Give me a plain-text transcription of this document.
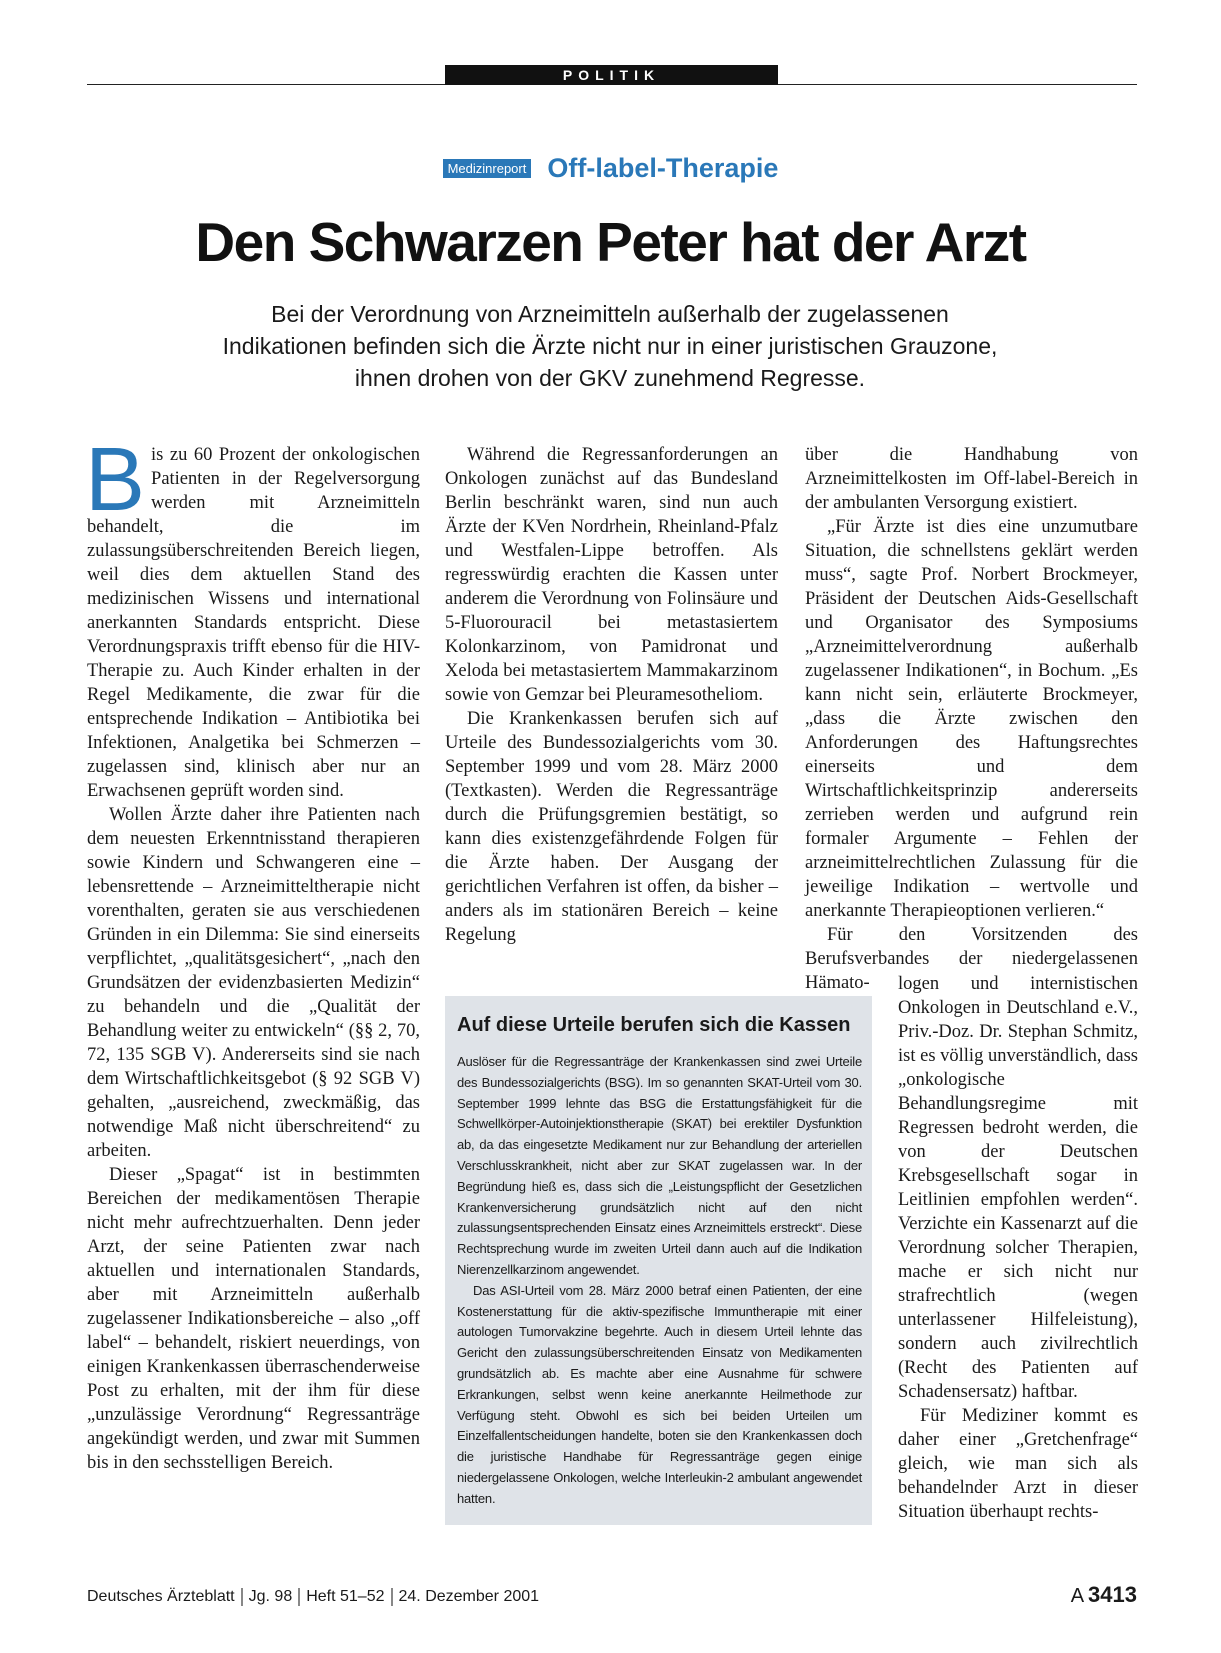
POLITIK
Medizinreport Off-label-Therapie
Den Schwarzen Peter hat der Arzt
Bei der Verordnung von Arzneimitteln außerhalb der zugelassenen
Indikationen befinden sich die Ärzte nicht nur in einer juristischen Grauzone,
ihnen drohen von der GKV zunehmend Regresse.

Bis zu 60 Prozent der onkologischen Patienten in der Regelversorgung werden mit Arzneimitteln behandelt, die im zulassungsüberschreitenden Bereich liegen, weil dies dem aktuellen Stand des medizinischen Wissens und international anerkannten Standards entspricht. Diese Verordnungspraxis trifft ebenso für die HIV-Therapie zu. Auch Kinder erhalten in der Regel Medikamente, die zwar für die entsprechende Indikation – Antibiotika bei Infektionen, Analgetika bei Schmerzen – zugelassen sind, klinisch aber nur an Erwachsenen geprüft worden sind.

Wollen Ärzte daher ihre Patienten nach dem neuesten Erkenntnisstand therapieren sowie Kindern und Schwangeren eine – lebensrettende – Arzneimitteltherapie nicht vorenthalten, geraten sie aus verschiedenen Gründen in ein Dilemma: Sie sind einerseits verpflichtet, „qualitätsgesichert“, „nach den Grundsätzen der evidenzbasierten Medizin“ zu behandeln und die „Qualität der Behandlung weiter zu entwickeln“ (§§ 2, 70, 72, 135 SGB V). Andererseits sind sie nach dem Wirtschaftlichkeitsgebot (§ 92 SGB V) gehalten, „ausreichend, zweckmäßig, das notwendige Maß nicht überschreitend“ zu arbeiten.

Dieser „Spagat“ ist in bestimmten Bereichen der medikamentösen Therapie nicht mehr aufrechtzuerhalten. Denn jeder Arzt, der seine Patienten zwar nach aktuellen und internationalen Standards, aber mit Arzneimitteln außerhalb zugelassener Indikationsbereiche – also „off label“ – behandelt, riskiert neuerdings, von einigen Krankenkassen überraschenderweise Post zu erhalten, mit der ihm für diese „unzulässige Verordnung“ Regressanträge angekündigt werden, und zwar mit Summen bis in den sechsstelligen Bereich.

Während die Regressanforderungen an Onkologen zunächst auf das Bundesland Berlin beschränkt waren, sind nun auch Ärzte der KVen Nordrhein, Rheinland-Pfalz und Westfalen-Lippe betroffen. Als regresswürdig erachten die Kassen unter anderem die Verordnung von Folinsäure und 5-Fluorouracil bei metastasiertem Kolonkarzinom, von Pamidronat und Xeloda bei metastasiertem Mammakarzinom sowie von Gemzar bei Pleuramesotheliom.

Die Krankenkassen berufen sich auf Urteile des Bundessozialgerichts vom 30. September 1999 und vom 28. März 2000 (Textkasten). Werden die Regressanträge durch die Prüfungsgremien bestätigt, so kann dies existenzgefährdende Folgen für die Ärzte haben. Der Ausgang der gerichtlichen Verfahren ist offen, da bisher – anders als im stationären Bereich – keine Regelung

über die Handhabung von Arzneimittelkosten im Off-label-Bereich in der ambulanten Versorgung existiert.

„Für Ärzte ist dies eine unzumutbare Situation, die schnellstens geklärt werden muss“, sagte Prof. Norbert Brockmeyer, Präsident der Deutschen Aids-Gesellschaft und Organisator des Symposiums „Arzneimittelverordnung außerhalb zugelassener Indikationen“, in Bochum. „Es kann nicht sein, erläuterte Brockmeyer, „dass die Ärzte zwischen den Anforderungen des Haftungsrechtes einerseits und dem Wirtschaftlichkeitsprinzip andererseits zerrieben werden und aufgrund rein formaler Argumente – Fehlen der arzneimittelrechtlichen Zulassung für die jeweilige Indikation – wertvolle und anerkannte Therapieoptionen verlieren.“

Für den Vorsitzenden des Berufsverbandes der niedergelassenen Hämato-	logen und internistischen Onkologen in Deutschland e.V., Priv.-Doz. Dr. Stephan Schmitz, ist es völlig unverständlich, dass „onkologische Behandlungsregime mit Regressen bedroht werden, die von der Deutschen Krebsgesellschaft sogar in Leitlinien empfohlen werden“. Verzichte ein Kassenarzt auf die Verordnung solcher Therapien, mache er sich nicht nur strafrechtlich (wegen unterlassener Hilfeleistung), sondern auch zivilrechtlich (Recht des Patienten auf Schadensersatz) haftbar.

Für Mediziner kommt es daher einer „Gretchenfrage“ gleich, wie man sich als behandelnder Arzt in dieser Situation überhaupt rechts-

Auf diese Urteile berufen sich die Kassen

Auslöser für die Regressanträge der Krankenkassen sind zwei Urteile des Bundessozialgerichts (BSG). Im so genannten SKAT-Urteil vom 30. September 1999 lehnte das BSG die Erstattungsfähigkeit für die Schwellkörper-Autoinjektionstherapie (SKAT) bei erektiler Dysfunktion ab, da das eingesetzte Medikament nur zur Behandlung der arteriellen Verschlusskrankheit, nicht aber zur SKAT zugelassen war. In der Begründung hieß es, dass sich die „Leistungspflicht der Gesetzlichen Krankenversicherung grundsätzlich nicht auf den nicht zulassungsentsprechenden Einsatz eines Arzneimittels erstreckt“. Diese Rechtsprechung wurde im zweiten Urteil dann auch auf die Indikation Nierenzellkarzinom angewendet.

Das ASI-Urteil vom 28. März 2000 betraf einen Patienten, der eine Kostenerstattung für die aktiv-spezifische Immuntherapie mit einer autologen Tumorvakzine begehrte. Auch in diesem Urteil lehnte das Gericht den zulassungsüberschreitenden Einsatz von Medikamenten grundsätzlich ab. Es machte aber eine Ausnahme für schwere Erkrankungen, selbst wenn keine anerkannte Heilmethode zur Verfügung steht. Obwohl es sich bei beiden Urteilen um Einzelfallentscheidungen handelte, boten sie den Krankenkassen doch die juristische Handhabe für Regressanträge gegen einige niedergelassene Onkologen, welche Interleukin-2 ambulant angewendet hatten.

Deutsches Ärzteblatt Jg. 98 Heft 51–52 24. Dezember 2001	A 3413
